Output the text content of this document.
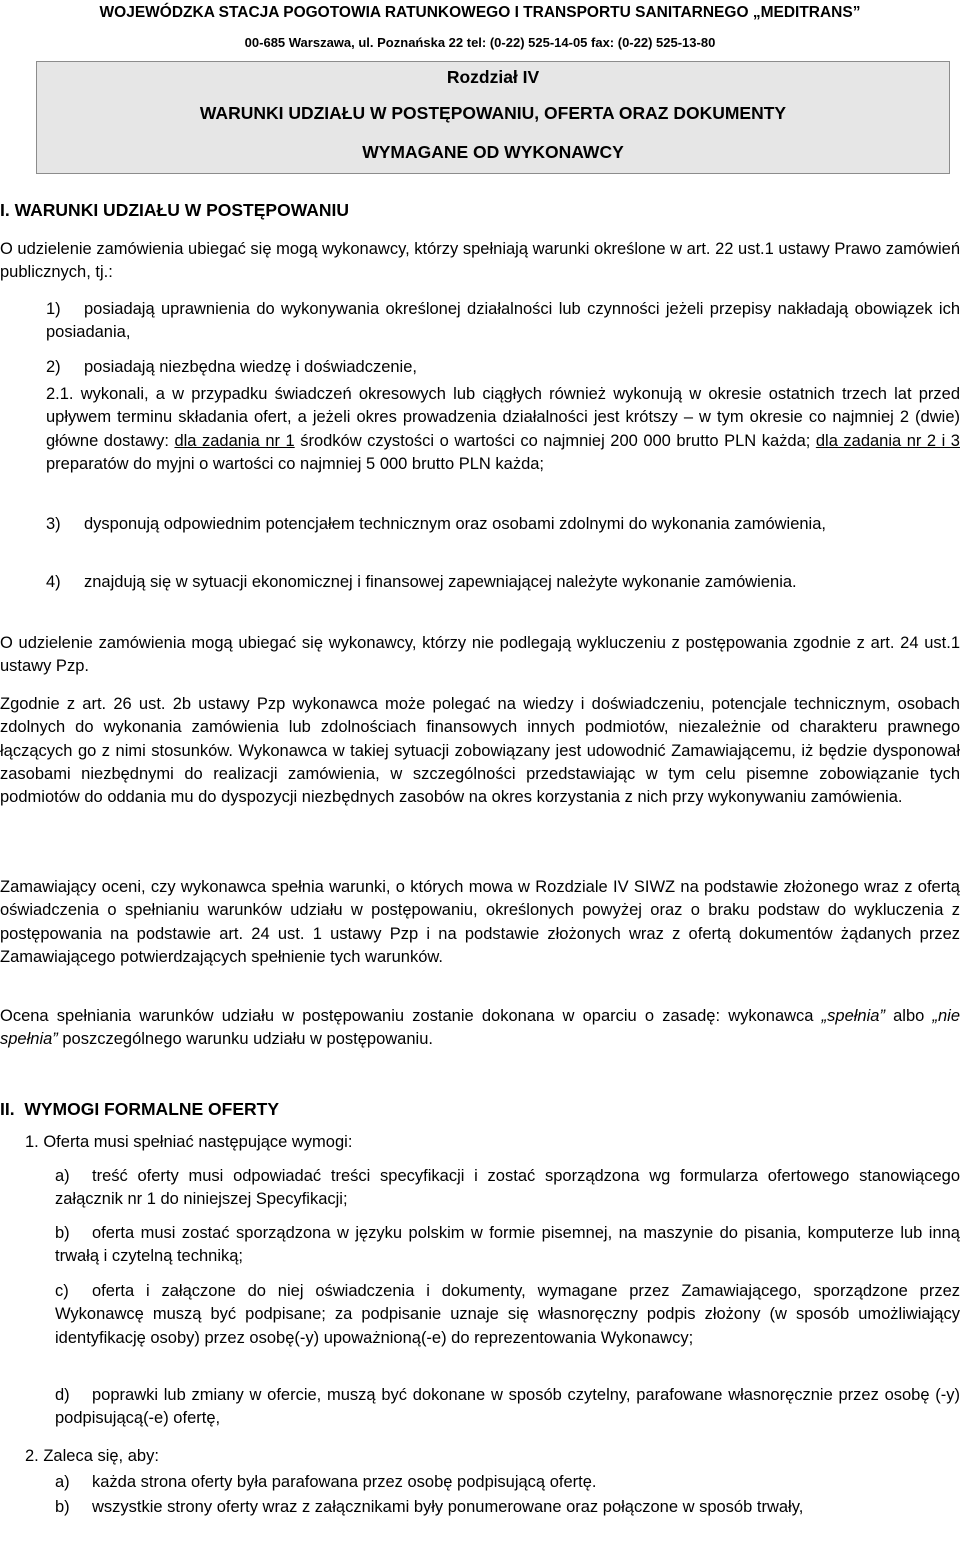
WOJEWÓDZKA STACJA POGOTOWIA RATUNKOWEGO I TRANSPORTU SANITARNEGO „MEDITRANS”
00-685 Warszawa, ul. Poznańska 22 tel: (0-22) 525-14-05 fax: (0-22) 525-13-80
Rozdział IV
WARUNKI UDZIAŁU W POSTĘPOWANIU, OFERTA ORAZ DOKUMENTY
WYMAGANE OD WYKONAWCY
I. WARUNKI UDZIAŁU W POSTĘPOWANIU

O udzielenie zamówienia ubiegać się mogą wykonawcy, którzy spełniają warunki określone w art. 22 ust.1 ustawy Prawo zamówień publicznych, tj.:

1) posiadają uprawnienia do wykonywania określonej działalności lub czynności jeżeli przepisy nakładają obowiązek ich posiadania,
2) posiadają niezbędna wiedzę i doświadczenie,

2.1. wykonali, a w przypadku świadczeń okresowych lub ciągłych również wykonują w okresie ostatnich trzech lat przed upływem terminu składania ofert, a jeżeli okres prowadzenia działalności jest krótszy – w tym okresie co najmniej 2 (dwie) główne dostawy: dla zadania nr 1 środków czystości o wartości co najmniej 200 000 brutto PLN każda; dla zadania nr 2 i 3 preparatów do myjni o wartości co najmniej 5 000 brutto PLN każda;

3) dysponują odpowiednim potencjałem technicznym oraz osobami zdolnymi do wykonania zamówienia,
4) znajdują się w sytuacji ekonomicznej i finansowej zapewniającej należyte wykonanie zamówienia.

O udzielenie zamówienia mogą ubiegać się wykonawcy, którzy nie podlegają wykluczeniu z postępowania zgodnie z art. 24 ust.1 ustawy Pzp.

Zgodnie z art. 26 ust. 2b ustawy Pzp wykonawca może polegać na wiedzy i doświadczeniu, potencjale technicznym, osobach zdolnych do wykonania zamówienia lub zdolnościach finansowych innych podmiotów, niezależnie od charakteru prawnego łączących go z nimi stosunków. Wykonawca w takiej sytuacji zobowiązany jest udowodnić Zamawiającemu, iż będzie dysponował zasobami niezbędnymi do realizacji zamówienia, w szczególności przedstawiając w tym celu pisemne zobowiązanie tych podmiotów do oddania mu do dyspozycji niezbędnych zasobów na okres korzystania z nich przy wykonywaniu zamówienia.

Zamawiający oceni, czy wykonawca spełnia warunki, o których mowa w Rozdziale IV SIWZ na podstawie złożonego wraz z ofertą oświadczenia o spełnianiu warunków udziału w postępowaniu, określonych powyżej oraz o braku podstaw do wykluczenia z postępowania na podstawie art. 24 ust. 1 ustawy Pzp i na podstawie złożonych wraz z ofertą dokumentów żądanych przez Zamawiającego potwierdzających spełnienie tych warunków.

Ocena spełniania warunków udziału w postępowaniu zostanie dokonana w oparciu o zasadę: wykonawca „spełnia” albo „nie spełnia” poszczególnego warunku udziału w postępowaniu.

II. WYMOGI FORMALNE OFERTY
1. Oferta musi spełniać następujące wymogi:
a) treść oferty musi odpowiadać treści specyfikacji i zostać sporządzona wg formularza ofertowego stanowiącego załącznik nr 1 do niniejszej Specyfikacji;
b) oferta musi zostać sporządzona w języku polskim w formie pisemnej, na maszynie do pisania, komputerze lub inną trwałą i czytelną techniką;
c) oferta i załączone do niej oświadczenia i dokumenty, wymagane przez Zamawiającego, sporządzone przez Wykonawcę muszą być podpisane; za podpisanie uznaje się własnoręczny podpis złożony (w sposób umożliwiający identyfikację osoby) przez osobę(-y) upoważnioną(-e) do reprezentowania Wykonawcy;
d) poprawki lub zmiany w ofercie, muszą być dokonane w sposób czytelny, parafowane własnoręcznie przez osobę (-y) podpisującą(-e) ofertę,
2. Zaleca się, aby:
a) każda strona oferty była parafowana przez osobę podpisującą ofertę.
b) wszystkie strony oferty wraz z załącznikami były ponumerowane oraz połączone w sposób trwały,
